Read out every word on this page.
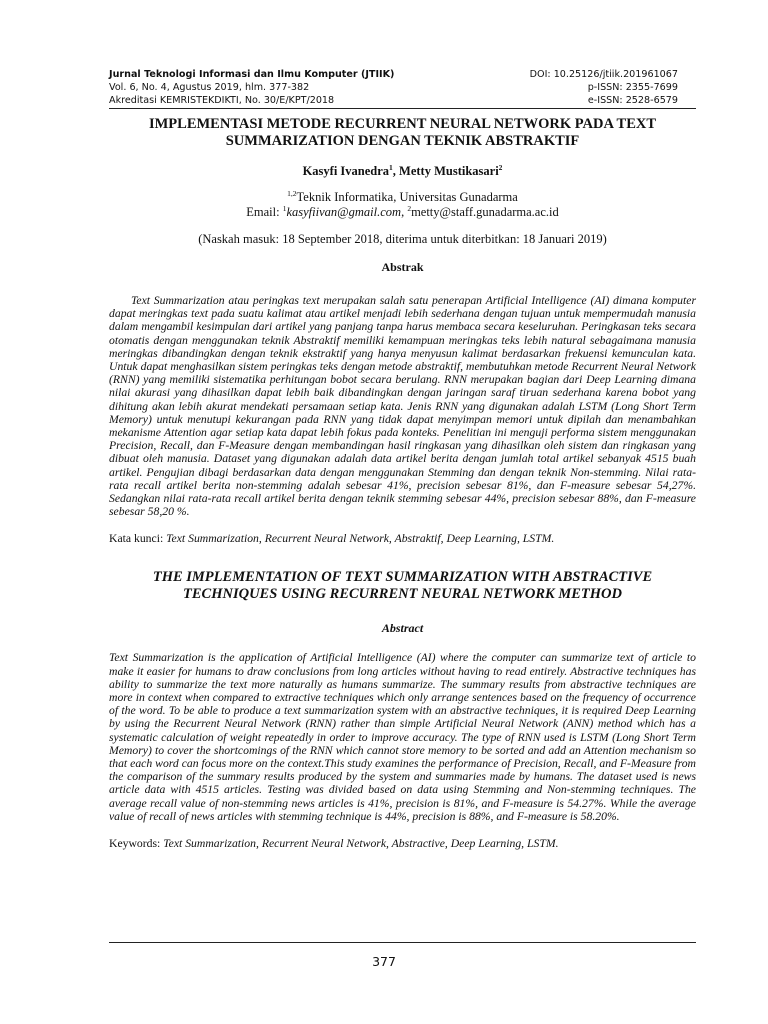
Jurnal Teknologi Informasi dan Ilmu Komputer (JTIIK)
Vol. 6, No. 4, Agustus 2019, hlm. 377-382
Akreditasi KEMRISTEKDIKTI, No. 30/E/KPT/2018
DOI: 10.25126/jtiik.201961067
p-ISSN: 2355-7699
e-ISSN: 2528-6579
IMPLEMENTASI METODE RECURRENT NEURAL NETWORK PADA TEXT
SUMMARIZATION DENGAN TEKNIK ABSTRAKTIF
Kasyfi Ivanedra$^1$, Metty Mustikasari$^2$
$^{1,2}$Teknik Informatika, Universitas Gunadarma
Email: $^1$kasyfiivan@gmail.com, $^2$metty@staff.gunadarma.ac.id
(Naskah masuk: 18 September 2018, diterima untuk diterbitkan: 18 Januari 2019)
Abstrak

Text Summarization atau peringkas text merupakan salah satu penerapan Artificial Intelligence (AI) dimana komputer dapat meringkas text pada suatu kalimat atau artikel menjadi lebih sederhana dengan tujuan untuk mempermudah manusia dalam mengambil kesimpulan dari artikel yang panjang tanpa harus membaca secara keseluruhan. Peringkasan teks secara otomatis dengan menggunakan teknik Abstraktif memiliki kemampuan meringkas teks lebih natural sebagaimana manusia meringkas dibandingkan dengan teknik ekstraktif yang hanya menyusun kalimat berdasarkan frekuensi kemunculan kata. Untuk dapat menghasilkan sistem peringkas teks dengan metode abstraktif, membutuhkan metode Recurrent Neural Network (RNN) yang memiliki sistematika perhitungan bobot secara berulang. RNN merupakan bagian dari Deep Learning dimana nilai akurasi yang dihasilkan dapat lebih baik dibandingkan dengan jaringan saraf tiruan sederhana karena bobot yang dihitung akan lebih akurat mendekati persamaan setiap kata. Jenis RNN yang digunakan adalah LSTM (Long Short Term Memory) untuk menutupi kekurangan pada RNN yang tidak dapat menyimpan memori untuk dipilah dan menambahkan mekanisme Attention agar setiap kata dapat lebih fokus pada konteks. Penelitian ini menguji performa sistem menggunakan Precision, Recall, dan F-Measure dengan membandingan hasil ringkasan yang dihasilkan oleh sistem dan ringkasan yang dibuat oleh manusia. Dataset yang digunakan adalah data artikel berita dengan jumlah total artikel sebanyak 4515 buah artikel. Pengujian dibagi berdasarkan data dengan menggunakan Stemming dan dengan teknik Non-stemming. Nilai rata-rata recall artikel berita non-stemming adalah sebesar 41%, precision sebesar 81%, dan F-measure sebesar 54,27%. Sedangkan nilai rata-rata recall artikel berita dengan teknik stemming sebesar 44%, precision sebesar 88%, dan F-measure sebesar 58,20 %.

Kata kunci: Text Summarization, Recurrent Neural Network, Abstraktif, Deep Learning, LSTM.
THE IMPLEMENTATION OF TEXT SUMMARIZATION WITH ABSTRACTIVE
TECHNIQUES USING RECURRENT NEURAL NETWORK METHOD
Abstract

Text Summarization is the application of Artificial Intelligence (AI) where the computer can summarize text of article to make it easier for humans to draw conclusions from long articles without having to read entirely. Abstractive techniques has ability to summarize the text more naturally as humans summarize. The summary results from abstractive techniques are more in context when compared to extractive techniques which only arrange sentences based on the frequency of occurrence of the word. To be able to produce a text summarization system with an abstractive techniques, it is required Deep Learning by using the Recurrent Neural Network (RNN) rather than simple Artificial Neural Network (ANN) method which has a systematic calculation of weight repeatedly in order to improve accuracy. The type of RNN used is LSTM (Long Short Term Memory) to cover the shortcomings of the RNN which cannot store memory to be sorted and add an Attention mechanism so that each word can focus more on the context.This study examines the performance of Precision, Recall, and F-Measure from the comparison of the summary results produced by the system and summaries made by humans. The dataset used is news article data with 4515 articles. Testing was divided based on data using Stemming and Non-stemming techniques. The average recall value of non-stemming news articles is 41%, precision is 81%, and F-measure is 54.27%. While the average value of recall of news articles with stemming technique is 44%, precision is 88%, and F-measure is 58.20%.

Keywords: Text Summarization, Recurrent Neural Network, Abstractive, Deep Learning, LSTM.
377
